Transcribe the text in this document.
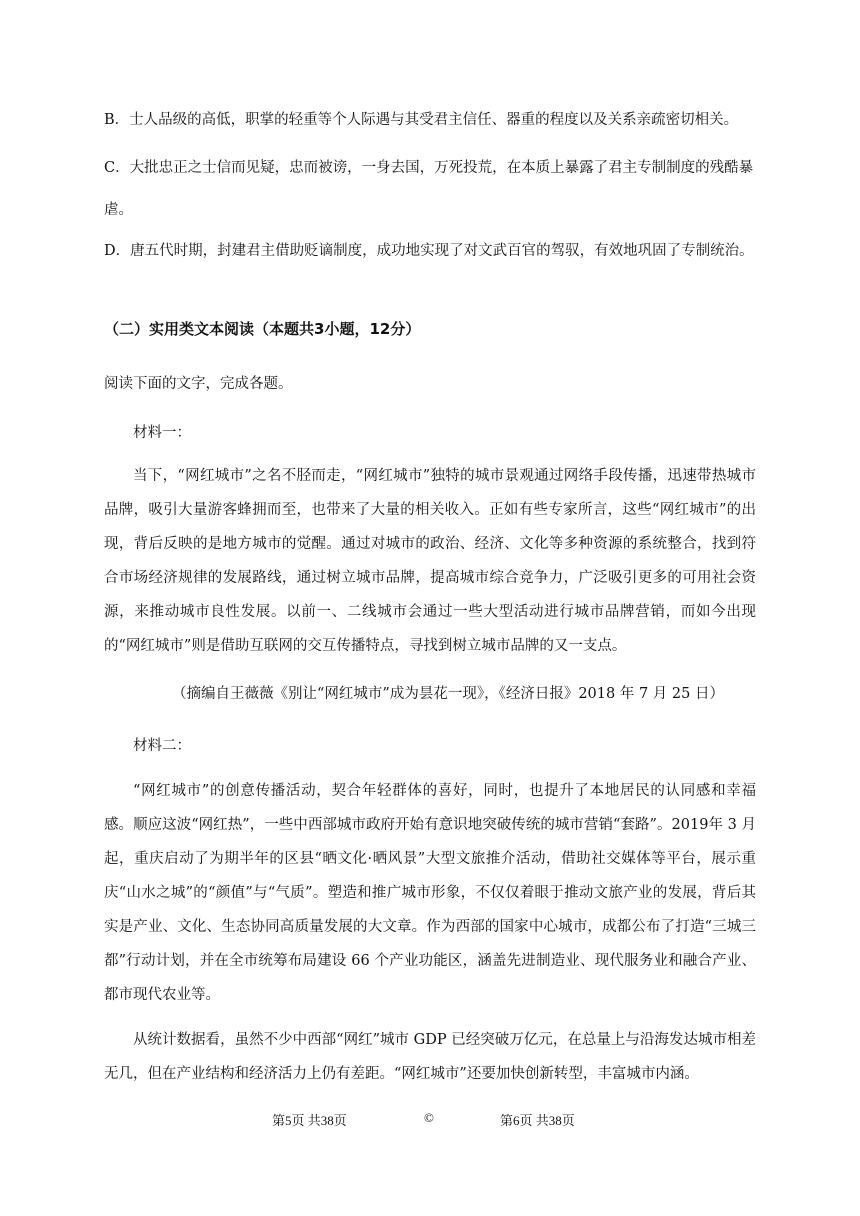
B．士人品级的高低，职掌的轻重等个人际遇与其受君主信任、器重的程度以及关系亲疏密切相关。
C．大批忠正之士信而见疑，忠而被谤，一身去国，万死投荒，在本质上暴露了君主专制制度的残酷暴虐。
D．唐五代时期，封建君主借助贬谪制度，成功地实现了对文武百官的驾驭，有效地巩固了专制统治。
（二）实用类文本阅读（本题共3小题，12分）
阅读下面的文字，完成各题。
材料一：

当下，“网红城市”之名不胫而走，“网红城市”独特的城市景观通过网络手段传播，迅速带热城市品牌，吸引大量游客蜂拥而至，也带来了大量的相关收入。正如有些专家所言，这些“网红城市”的出现，背后反映的是地方城市的觉醒。通过对城市的政治、经济、文化等多种资源的系统整合，找到符合市场经济规律的发展路线，通过树立城市品牌，提高城市综合竞争力，广泛吸引更多的可用社会资源，来推动城市良性发展。以前一、二线城市会通过一些大型活动进行城市品牌营销，而如今出现的“网红城市”则是借助互联网的交互传播特点，寻找到树立城市品牌的又一支点。

（摘编自王薇薇《别让“网红城市”成为昙花一现》，《经济日报》2018 年 7 月 25 日）
材料二：

“网红城市”的创意传播活动，契合年轻群体的喜好，同时，也提升了本地居民的认同感和幸福感。顺应这波“网红热”，一些中西部城市政府开始有意识地突破传统的城市营销“套路”。2019年 3 月起，重庆启动了为期半年的区县“晒文化·晒风景”大型文旅推介活动，借助社交媒体等平台，展示重庆“山水之城”的“颜值”与“气质”。塑造和推广城市形象，不仅仅着眼于推动文旅产业的发展，背后其实是产业、文化、生态协同高质量发展的大文章。作为西部的国家中心城市，成都公布了打造“三城三都”行动计划，并在全市统筹布局建设 66 个产业功能区，涵盖先进制造业、现代服务业和融合产业、都市现代农业等。

从统计数据看，虽然不少中西部“网红”城市 GDP 已经突破万亿元，在总量上与沿海发达城市相差无几，但在产业结构和经济活力上仍有差距。“网红城市”还要加快创新转型，丰富城市内涵。

第5页 共38页	©	第6页 共38页
